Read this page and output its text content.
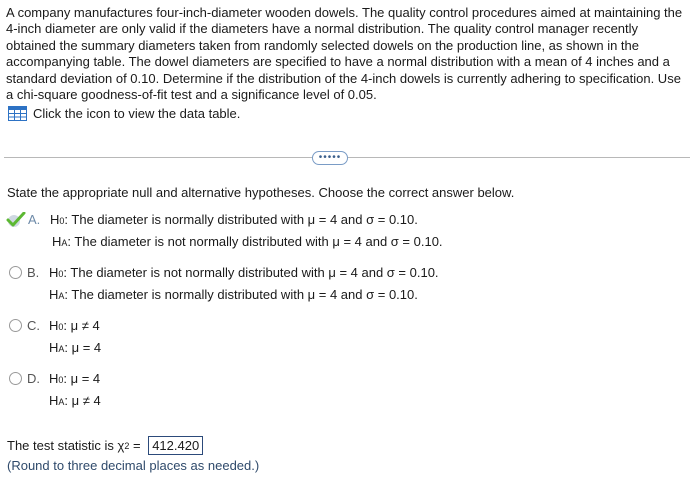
A company manufactures four-inch-diameter wooden dowels. The quality control procedures aimed at maintaining the 4-inch diameter are only valid if the diameters have a normal distribution. The quality control manager recently obtained the summary diameters taken from randomly selected dowels on the production line, as shown in the accompanying table. The dowel diameters are specified to have a normal distribution with a mean of 4 inches and a standard deviation of 0.10. Determine if the distribution of the 4-inch dowels is currently adhering to specification. Use a chi-square goodness-of-fit test and a significance level of 0.05.
Click the icon to view the data table.
•••••
State the appropriate null and alternative hypotheses. Choose the correct answer below.
A. H 0 : The diameter is normally distributed with μ = 4 and σ = 0.10.
H A : The diameter is not normally distributed with μ = 4 and σ = 0.10.
B. H 0 : The diameter is not normally distributed with μ = 4 and σ = 0.10.
H A : The diameter is normally distributed with μ = 4 and σ = 0.10.
C. H 0 : μ ≠ 4
H A : μ = 4
D. H 0 : μ = 4
H A : μ ≠ 4
The test statistic is χ 2 = 412.420
(Round to three decimal places as needed.)
